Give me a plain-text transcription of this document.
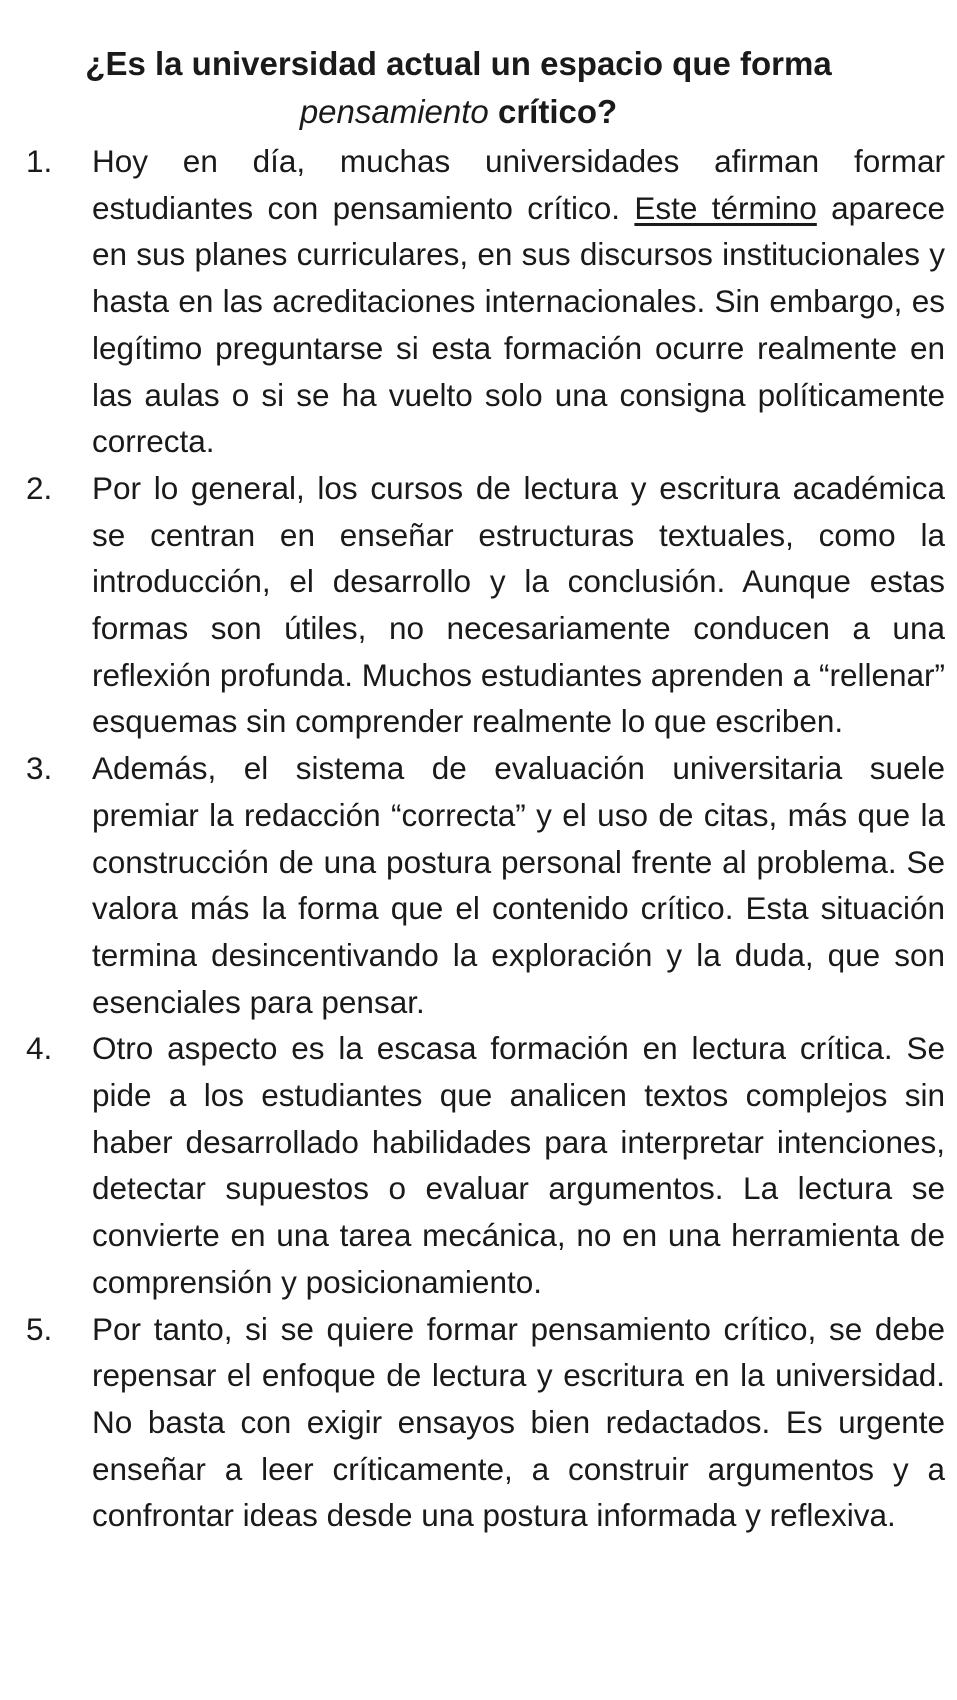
¿Es la universidad actual un espacio que forma
pensamiento crítico?
1. Hoy en día, muchas universidades afirman formar estudiantes con pensamiento crítico. Este término aparece en sus planes curriculares, en sus discursos institucionales y hasta en las acreditaciones internacionales. Sin embargo, es legítimo preguntarse si esta formación ocurre realmente en las aulas o si se ha vuelto solo una consigna políticamente correcta.
2. Por lo general, los cursos de lectura y escritura académica se centran en enseñar estructuras textuales, como la introducción, el desarrollo y la conclusión. Aunque estas formas son útiles, no necesariamente conducen a una reflexión profunda. Muchos estudiantes aprenden a “rellenar” esquemas sin comprender realmente lo que escriben.
3. Además, el sistema de evaluación universitaria suele premiar la redacción “correcta” y el uso de citas, más que la construcción de una postura personal frente al problema. Se valora más la forma que el contenido crítico. Esta situación termina desincentivando la exploración y la duda, que son esenciales para pensar.
4. Otro aspecto es la escasa formación en lectura crítica. Se pide a los estudiantes que analicen textos complejos sin haber desarrollado habilidades para interpretar intenciones, detectar supuestos o evaluar argumentos. La lectura se convierte en una tarea mecánica, no en una herramienta de comprensión y posicionamiento.
5. Por tanto, si se quiere formar pensamiento crítico, se debe repensar el enfoque de lectura y escritura en la universidad. No basta con exigir ensayos bien redactados. Es urgente enseñar a leer críticamente, a construir argumentos y a confrontar ideas desde una postura informada y reflexiva.
